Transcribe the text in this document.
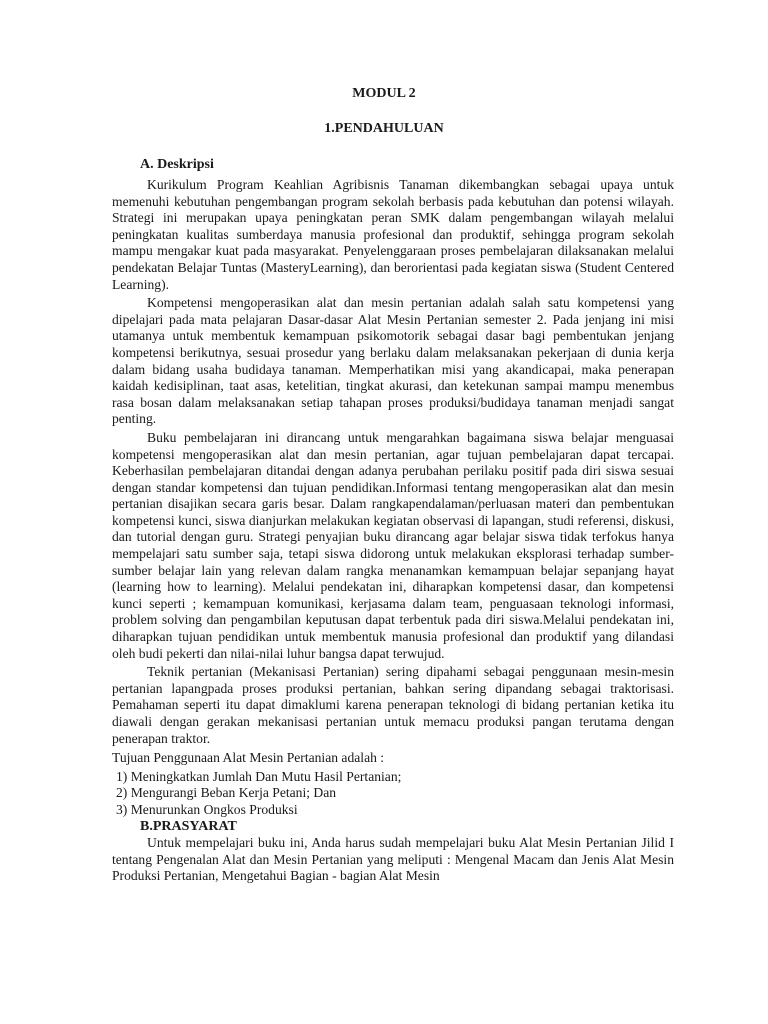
MODUL 2
1.PENDAHULUAN
A. Deskripsi

Kurikulum Program Keahlian Agribisnis Tanaman dikembangkan sebagai upaya untuk memenuhi kebutuhan pengembangan program sekolah berbasis pada kebutuhan dan potensi wilayah. Strategi ini merupakan upaya peningkatan peran SMK dalam pengembangan wilayah melalui peningkatan kualitas sumberdaya manusia profesional dan produktif, sehingga program sekolah mampu mengakar kuat pada masyarakat. Penyelenggaraan proses pembelajaran dilaksanakan melalui pendekatan Belajar Tuntas (MasteryLearning), dan berorientasi pada kegiatan siswa (Student Centered Learning).

Kompetensi mengoperasikan alat dan mesin pertanian adalah salah satu kompetensi yang dipelajari pada mata pelajaran Dasar-dasar Alat Mesin Pertanian semester 2. Pada jenjang ini misi utamanya untuk membentuk kemampuan psikomotorik sebagai dasar bagi pembentukan jenjang kompetensi berikutnya, sesuai prosedur yang berlaku dalam melaksanakan pekerjaan di dunia kerja dalam bidang usaha budidaya tanaman. Memperhatikan misi yang akandicapai, maka penerapan kaidah kedisiplinan, taat asas, ketelitian, tingkat akurasi, dan ketekunan sampai mampu menembus rasa bosan dalam melaksanakan setiap tahapan proses produksi/budidaya tanaman menjadi sangat penting.

Buku pembelajaran ini dirancang untuk mengarahkan bagaimana siswa belajar menguasai kompetensi mengoperasikan alat dan mesin pertanian, agar tujuan pembelajaran dapat tercapai. Keberhasilan pembelajaran ditandai dengan adanya perubahan perilaku positif pada diri siswa sesuai dengan standar kompetensi dan tujuan pendidikan.Informasi tentang mengoperasikan alat dan mesin pertanian disajikan secara garis besar. Dalam rangkapendalaman/perluasan materi dan pembentukan kompetensi kunci, siswa dianjurkan melakukan kegiatan observasi di lapangan, studi referensi, diskusi, dan tutorial dengan guru. Strategi penyajian buku dirancang agar belajar siswa tidak terfokus hanya mempelajari satu sumber saja, tetapi siswa didorong untuk melakukan eksplorasi terhadap sumber-sumber belajar lain yang relevan dalam rangka menanamkan kemampuan belajar sepanjang hayat (learning how to learning). Melalui pendekatan ini, diharapkan kompetensi dasar, dan kompetensi kunci seperti ; kemampuan komunikasi, kerjasama dalam team, penguasaan teknologi informasi, problem solving dan pengambilan keputusan dapat terbentuk pada diri siswa.Melalui pendekatan ini, diharapkan tujuan pendidikan untuk membentuk manusia profesional dan produktif yang dilandasi oleh budi pekerti dan nilai-nilai luhur bangsa dapat terwujud.

Teknik pertanian (Mekanisasi Pertanian) sering dipahami sebagai penggunaan mesin-mesin pertanian lapangpada proses produksi pertanian, bahkan sering dipandang sebagai traktorisasi. Pemahaman seperti itu dapat dimaklumi karena penerapan teknologi di bidang pertanian ketika itu diawali dengan gerakan mekanisasi pertanian untuk memacu produksi pangan terutama dengan penerapan traktor.

Tujuan Penggunaan Alat Mesin Pertanian adalah :

1) Meningkatkan Jumlah Dan Mutu Hasil Pertanian;
2) Mengurangi Beban Kerja Petani; Dan
3) Menurunkan Ongkos Produksi
B.PRASYARAT

Untuk mempelajari buku ini, Anda harus sudah mempelajari buku Alat Mesin Pertanian Jilid I tentang Pengenalan Alat dan Mesin Pertanian yang meliputi : Mengenal Macam dan Jenis Alat Mesin Produksi Pertanian, Mengetahui Bagian - bagian Alat Mesin
